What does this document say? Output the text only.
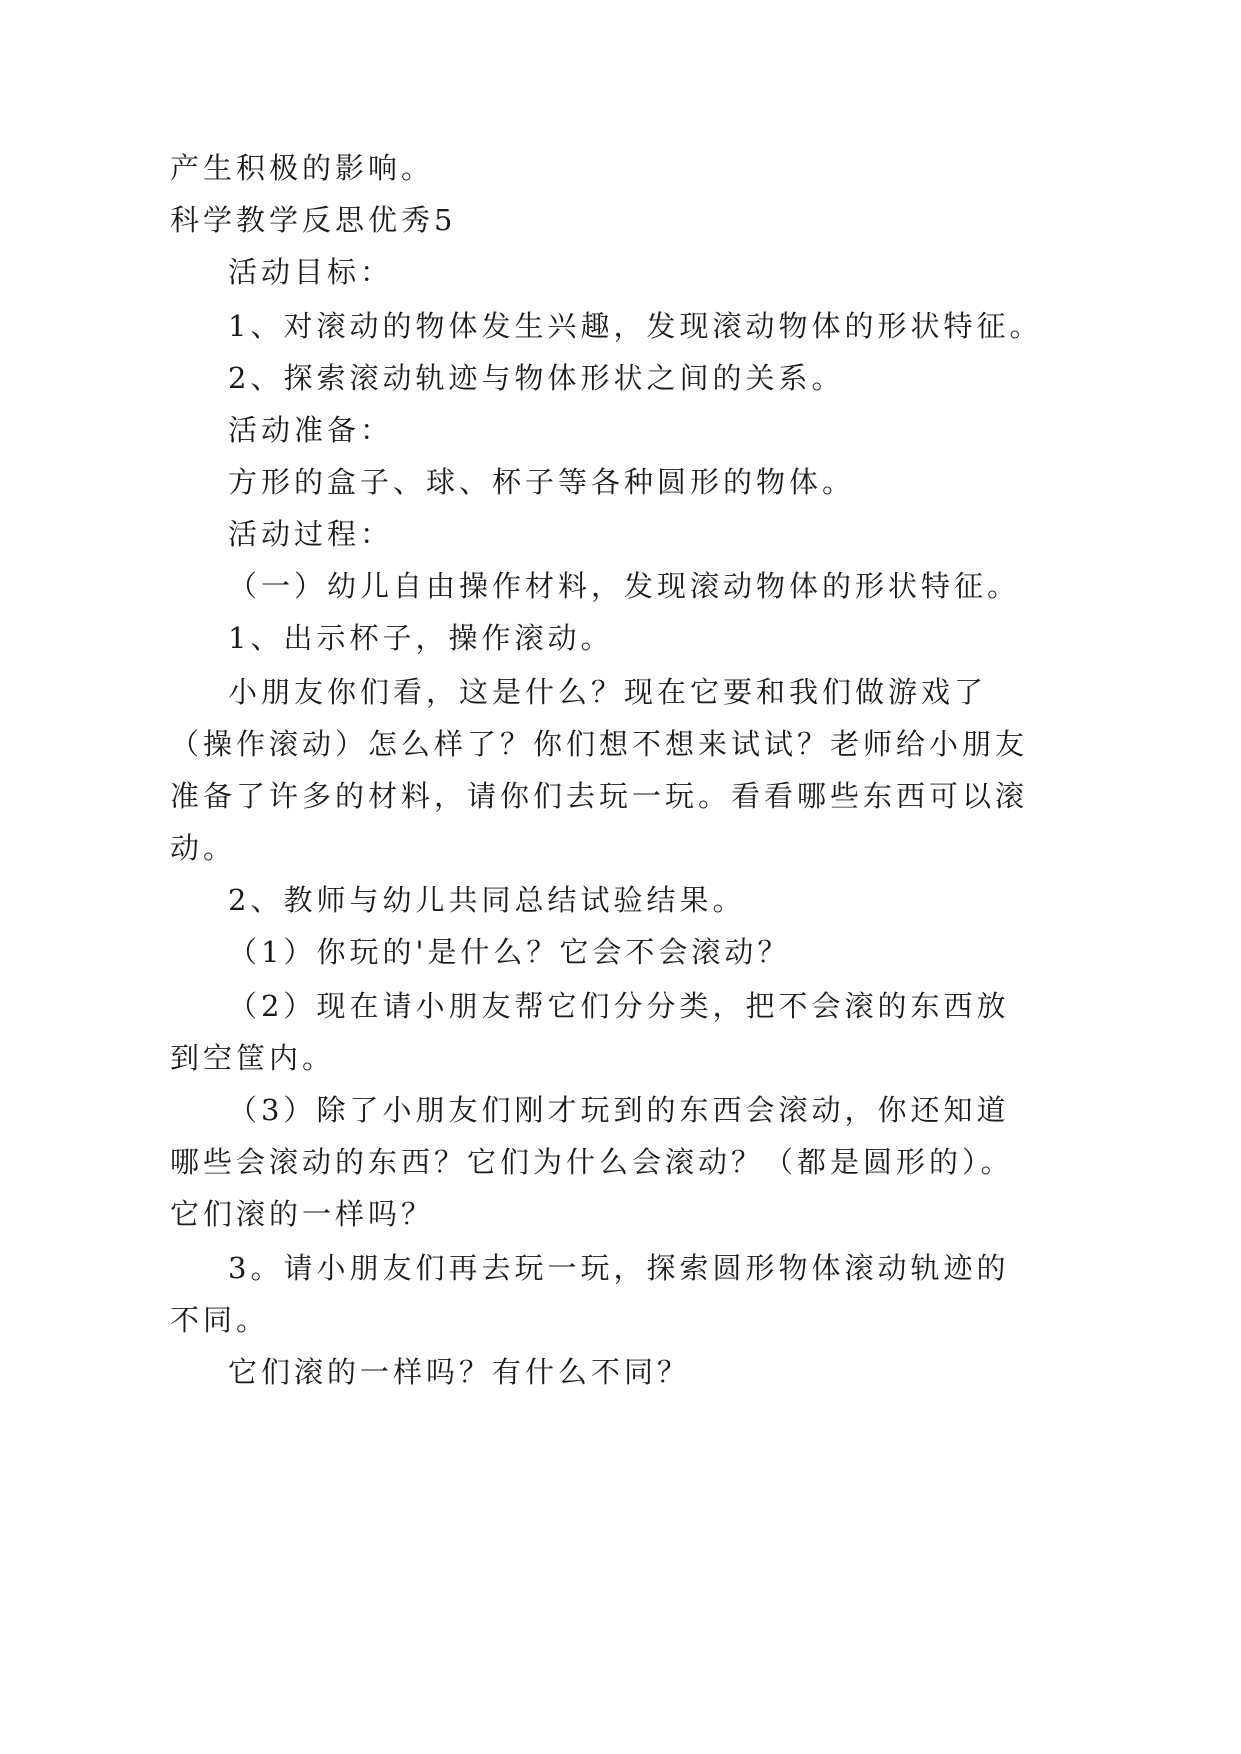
产生积极的影响。
科学教学反思优秀5
活动目标：
1、对滚动的物体发生兴趣，发现滚动物体的形状特征。
2、探索滚动轨迹与物体形状之间的关系。
活动准备：
方形的盒子、球、杯子等各种圆形的物体。
活动过程：
（一）幼儿自由操作材料，发现滚动物体的形状特征。
1、出示杯子，操作滚动。
小朋友你们看，这是什么？现在它要和我们做游戏了
（操作滚动）怎么样了？你们想不想来试试？老师给小朋友
准备了许多的材料，请你们去玩一玩。看看哪些东西可以滚
动。
2、教师与幼儿共同总结试验结果。
（1）你玩的'是什么？它会不会滚动？
（2）现在请小朋友帮它们分分类，把不会滚的东西放
到空筐内。
（3）除了小朋友们刚才玩到的东西会滚动，你还知道
哪些会滚动的东西？它们为什么会滚动？（都是圆形的）。
它们滚的一样吗？
3。请小朋友们再去玩一玩，探索圆形物体滚动轨迹的
不同。
它们滚的一样吗？有什么不同？
